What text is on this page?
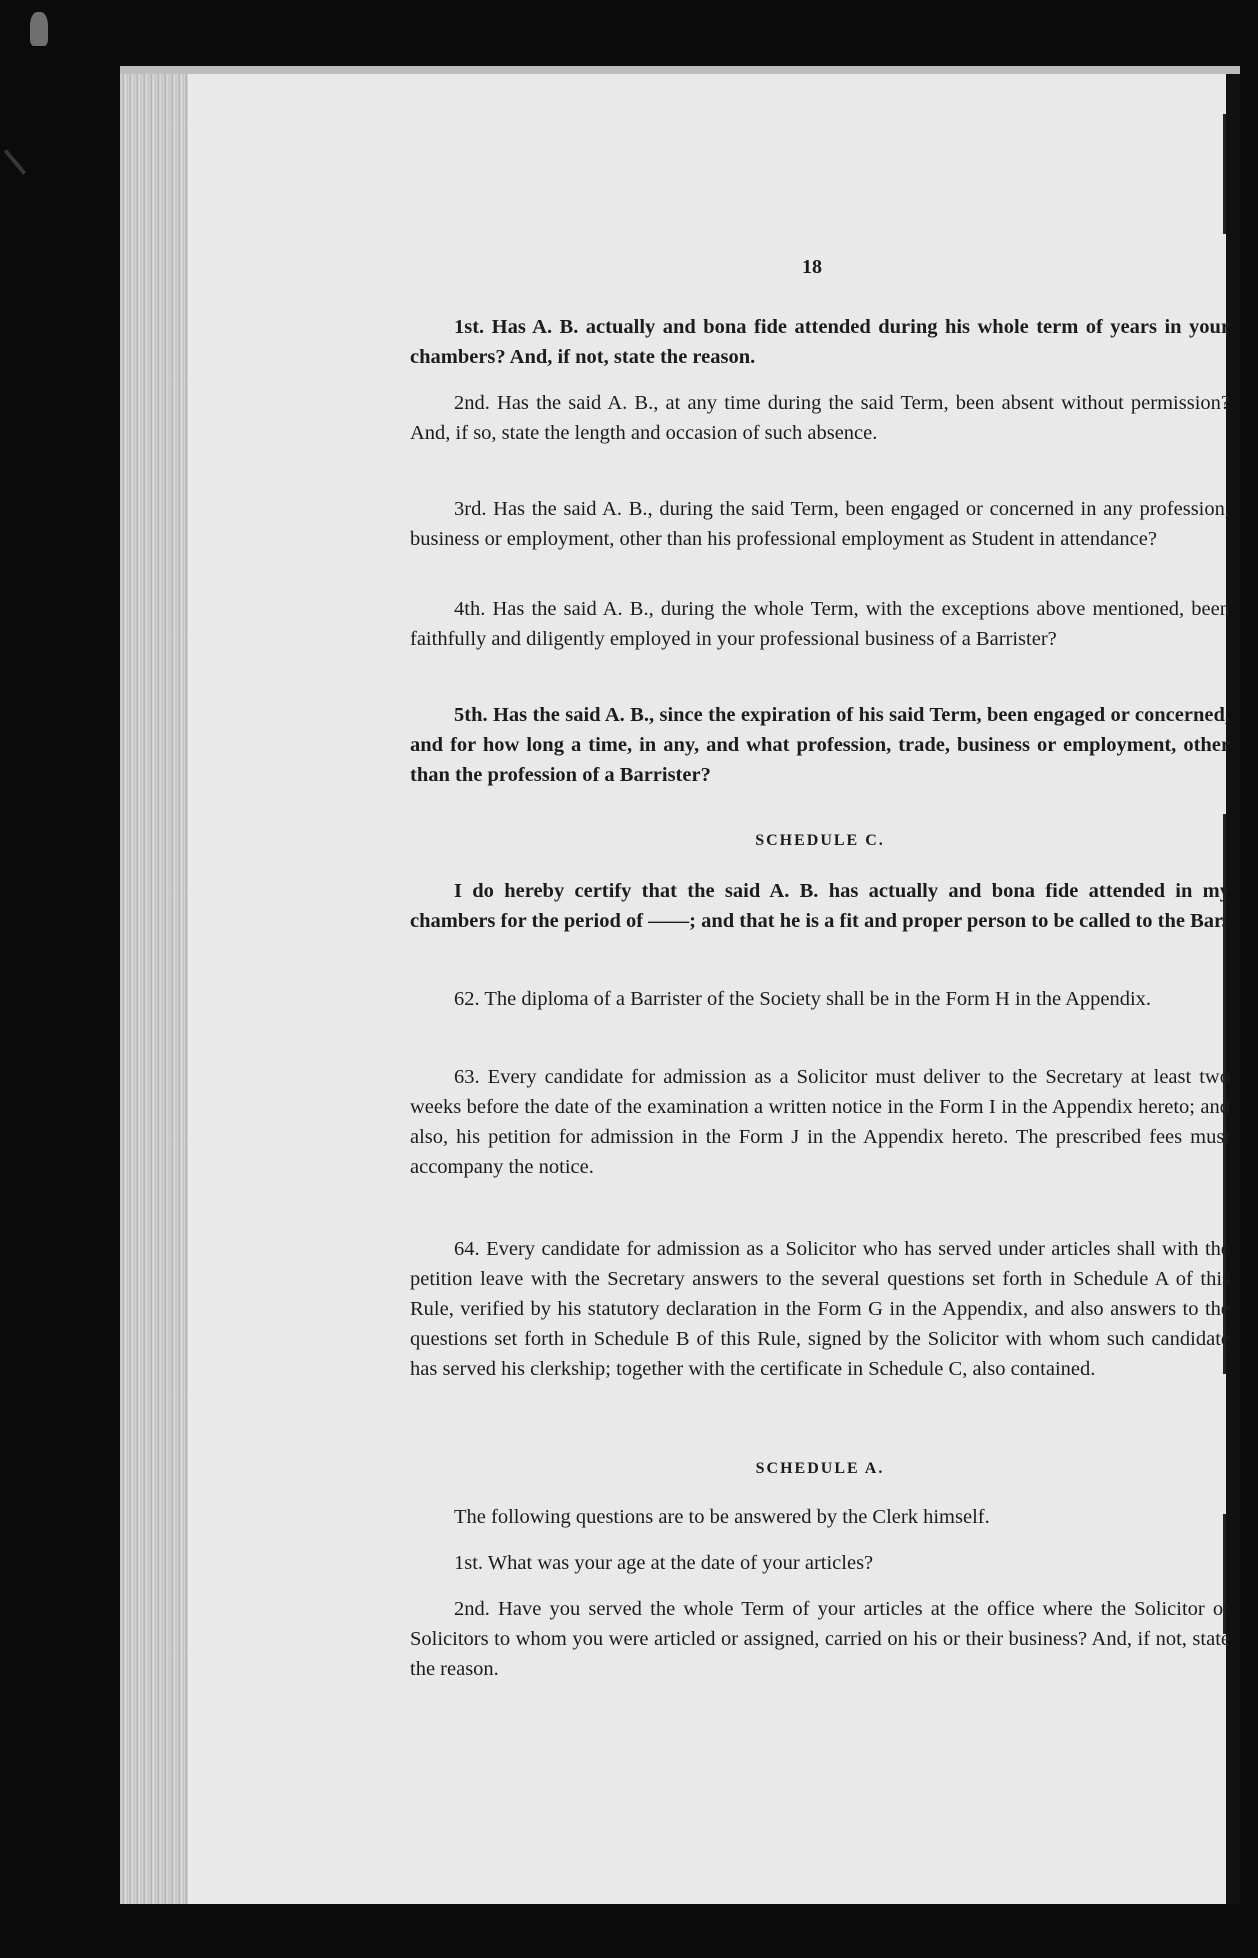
18

1st. Has A. B. actually and bona fide attended during his whole term of years in your chambers? And, if not, state the reason.

2nd. Has the said A. B., at any time during the said Term, been absent without permission? And, if so, state the length and occasion of such absence.

3rd. Has the said A. B., during the said Term, been engaged or concerned in any profession, business or employment, other than his professional employment as Student in attendance?

4th. Has the said A. B., during the whole Term, with the exceptions above mentioned, been faithfully and diligently employed in your professional business of a Barrister?

5th. Has the said A. B., since the expiration of his said Term, been engaged or concerned, and for how long a time, in any, and what profession, trade, business or employment, other than the profession of a Barrister?

SCHEDULE C.

I do hereby certify that the said A. B. has actually and bona fide attended in my chambers for the period of ——; and that he is a fit and proper person to be called to the Bar.

62. The diploma of a Barrister of the Society shall be in the Form H in the Appendix.

63. Every candidate for admission as a Solicitor must deliver to the Secretary at least two weeks before the date of the examination a written notice in the Form I in the Appendix hereto; and also, his petition for admission in the Form J in the Appendix hereto. The prescribed fees must accompany the notice.

64. Every candidate for admission as a Solicitor who has served under articles shall with the petition leave with the Secretary answers to the several questions set forth in Schedule A of this Rule, verified by his statutory declaration in the Form G in the Appendix, and also answers to the questions set forth in Schedule B of this Rule, signed by the Solicitor with whom such candidate has served his clerkship; together with the certificate in Schedule C, also contained.

SCHEDULE A.

The following questions are to be answered by the Clerk himself.

1st. What was your age at the date of your articles?

2nd. Have you served the whole Term of your articles at the office where the Solicitor or Solicitors to whom you were articled or assigned, carried on his or their business? And, if not, state the reason.
